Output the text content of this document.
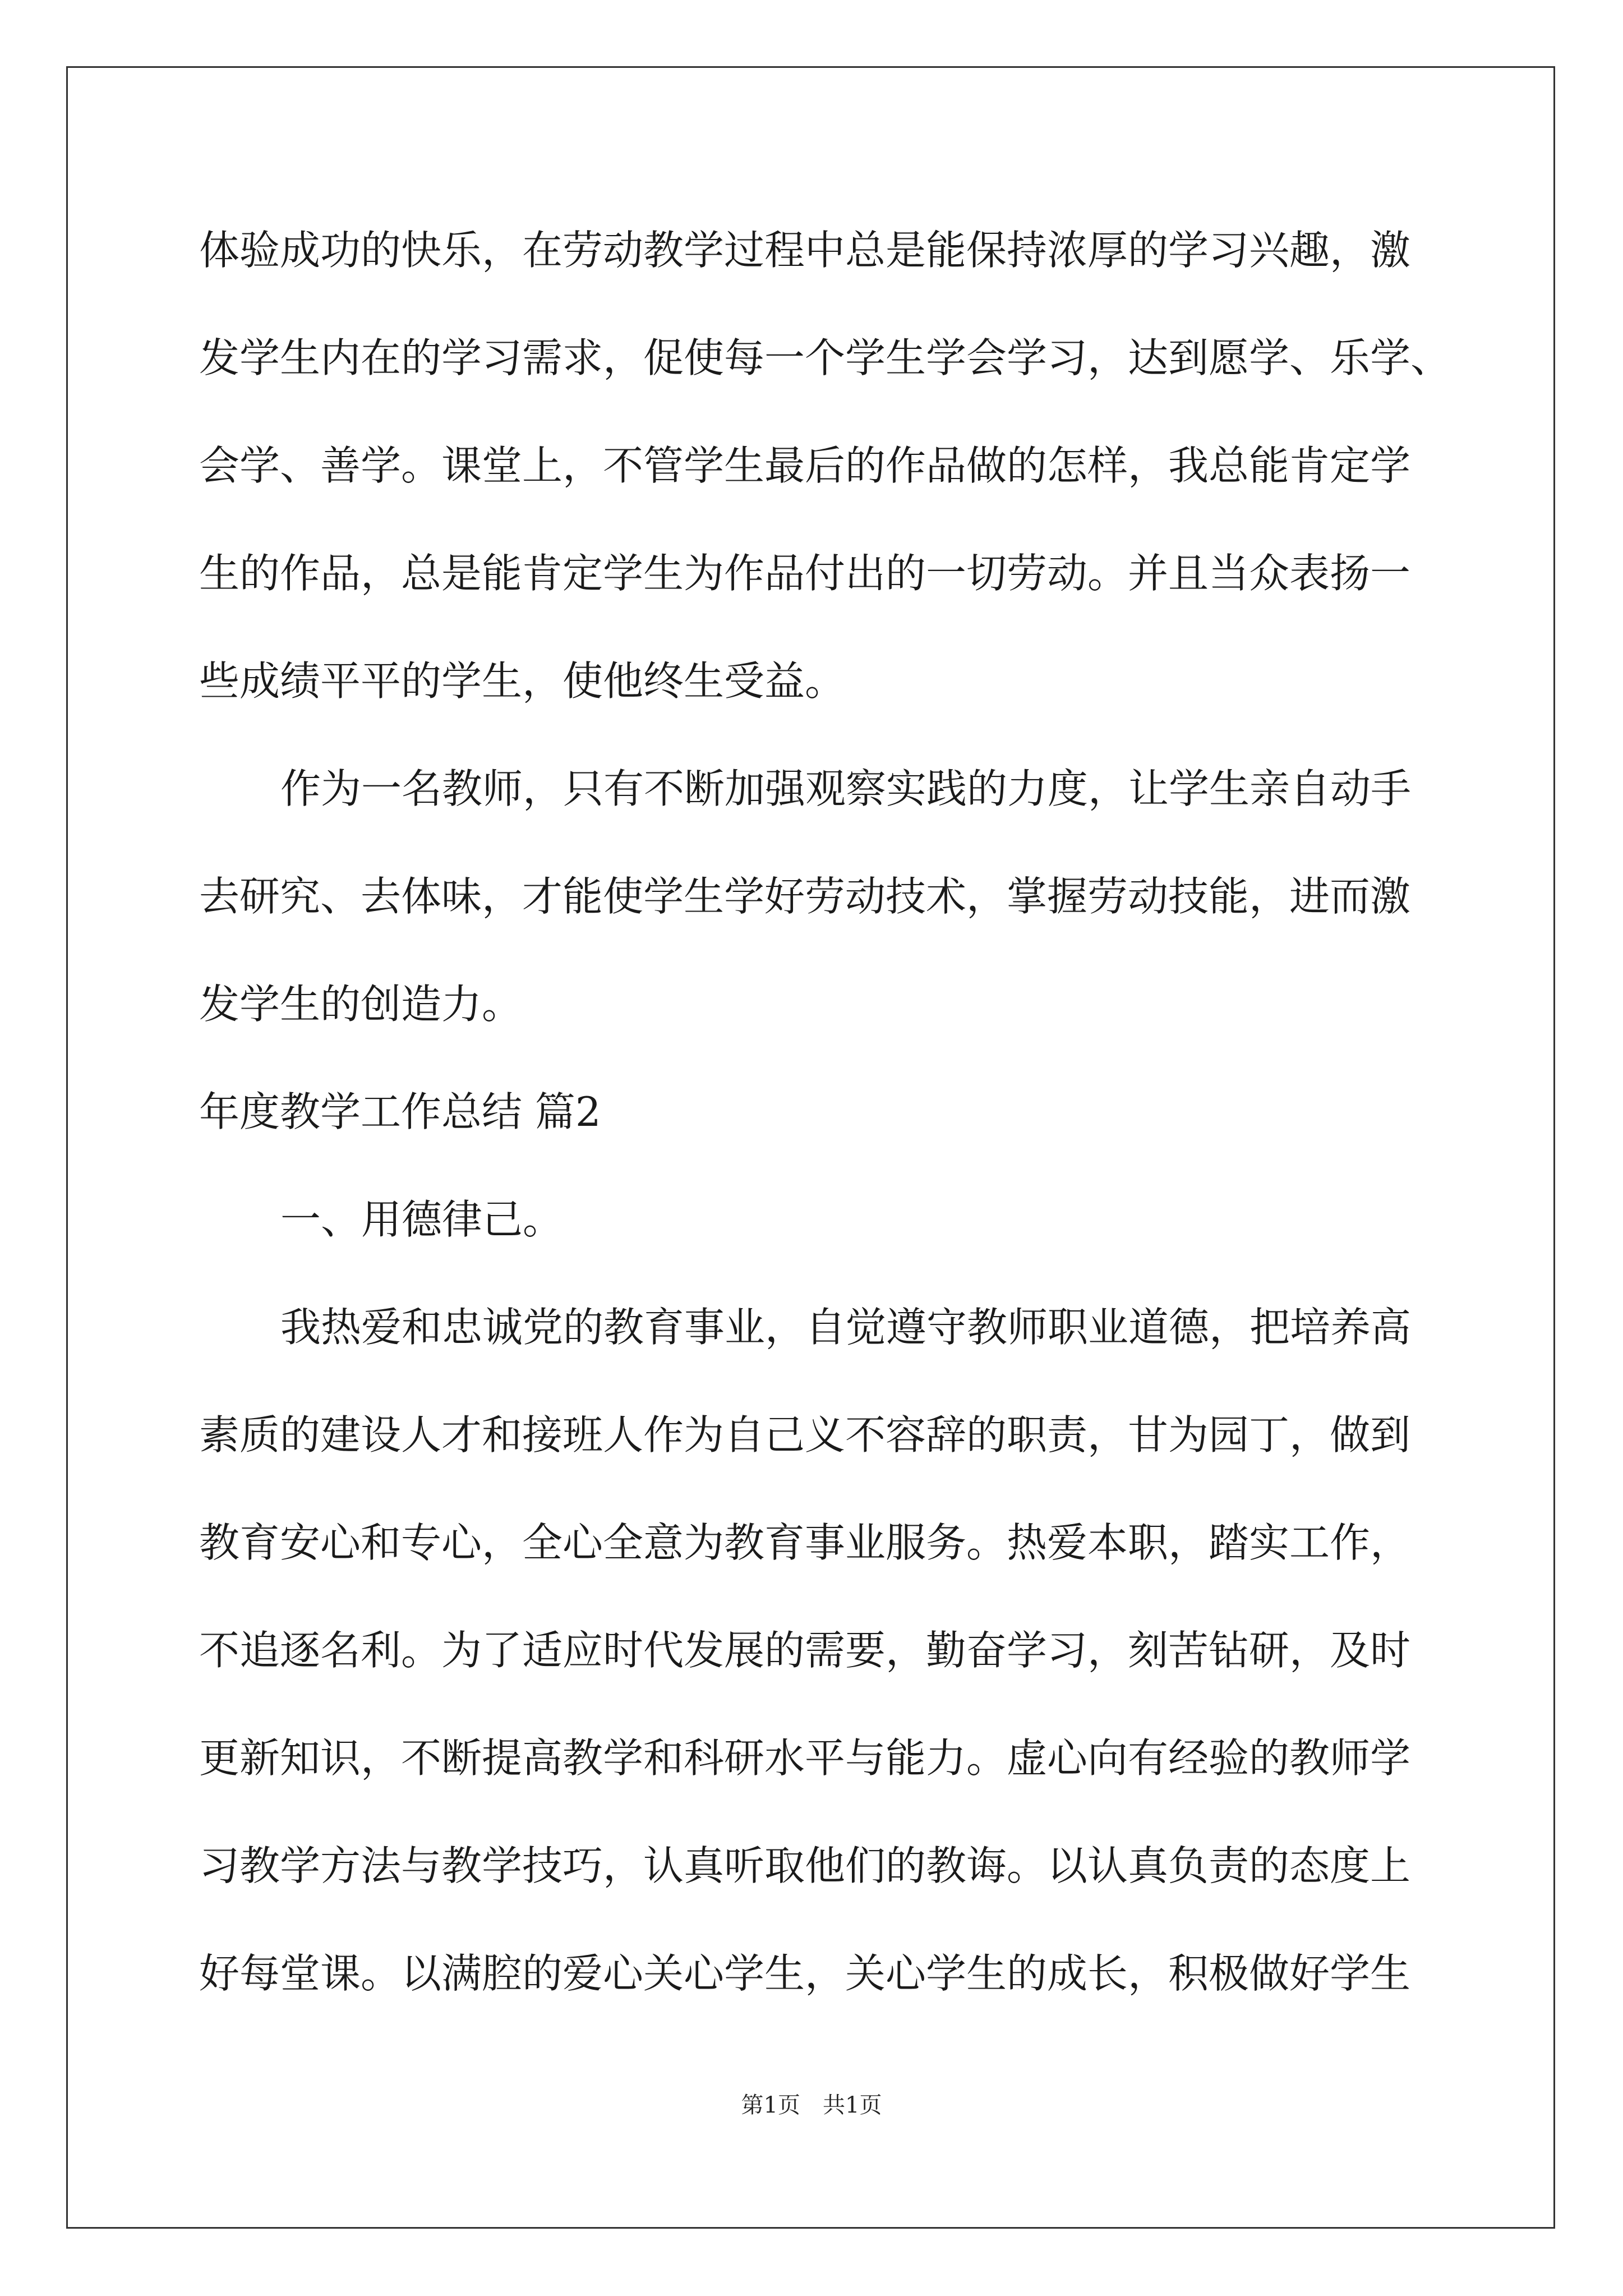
体验成功的快乐，在劳动教学过程中总是能保持浓厚的学习兴趣，激
发学生内在的学习需求，促使每一个学生学会学习，达到愿学、乐学、
会学、善学。课堂上，不管学生最后的作品做的怎样，我总能肯定学
生的作品，总是能肯定学生为作品付出的一切劳动。并且当众表扬一
些成绩平平的学生，使他终生受益。
作为一名教师，只有不断加强观察实践的力度，让学生亲自动手
去研究、去体味，才能使学生学好劳动技术，掌握劳动技能，进而激
发学生的创造力。
年度教学工作总结 篇2
一、用德律己。
我热爱和忠诚党的教育事业，自觉遵守教师职业道德，把培养高
素质的建设人才和接班人作为自己义不容辞的职责，甘为园丁，做到
教育安心和专心，全心全意为教育事业服务。热爱本职，踏实工作，
不追逐名利。为了适应时代发展的需要，勤奋学习，刻苦钻研，及时
更新知识，不断提高教学和科研水平与能力。虚心向有经验的教师学
习教学方法与教学技巧，认真听取他们的教诲。以认真负责的态度上
好每堂课。以满腔的爱心关心学生，关心学生的成长，积极做好学生
第1页　共1页
